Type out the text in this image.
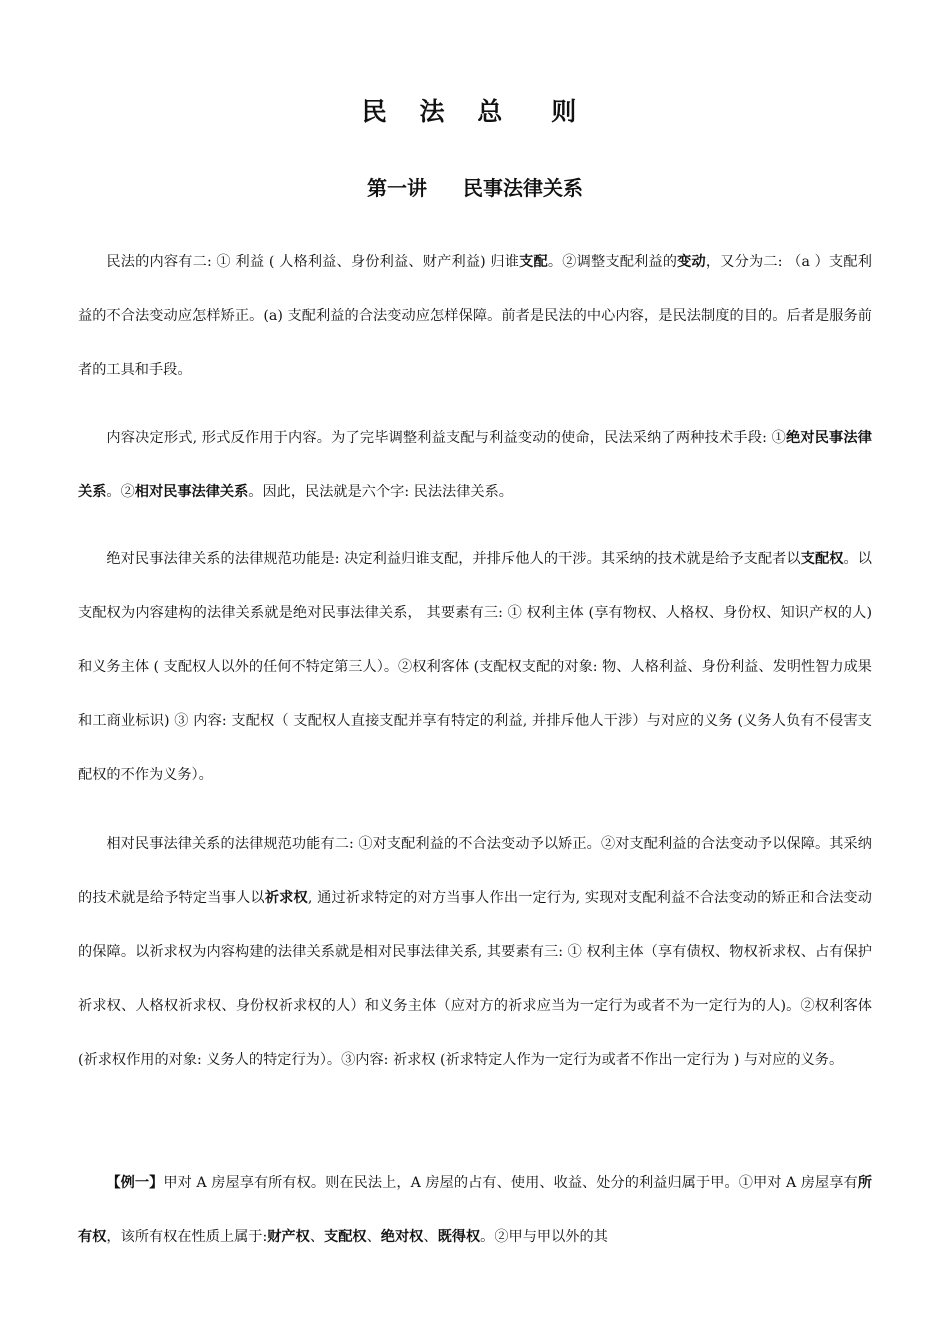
民 法 总　则
第一讲 民事法律关系

民法的内容有二: ① 利益 ( 人格利益、身份利益、财产利益) 归谁支配。②调整支配利益的变动，又分为二: （a ）支配利益的不合法变动应怎样矫正。(a) 支配利益的合法变动应怎样保障。前者是民法的中心内容，是民法制度的目的。后者是服务前者的工具和手段。

内容决定形式, 形式反作用于内容。为了完毕调整利益支配与利益变动的使命，民法采纳了两种技术手段: ①绝对民事法律关系。②相对民事法律关系。因此，民法就是六个字: 民法法律关系。

绝对民事法律关系的法律规范功能是: 决定利益归谁支配，并排斥他人的干涉。其采纳的技术就是给予支配者以支配权。以支配权为内容建构的法律关系就是绝对民事法律关系， 其要素有三: ① 权利主体 (享有物权、人格权、身份权、知识产权的人) 和义务主体 ( 支配权人以外的任何不特定第三人）。②权利客体 (支配权支配的对象: 物、人格利益、身份利益、发明性智力成果和工商业标识) ③ 内容: 支配权（ 支配权人直接支配并享有特定的利益, 并排斥他人干涉）与对应的义务 (义务人负有不侵害支配权的不作为义务）。

相对民事法律关系的法律规范功能有二: ①对支配利益的不合法变动予以矫正。②对支配利益的合法变动予以保障。其采纳的技术就是给予特定当事人以祈求权, 通过祈求特定的对方当事人作出一定行为, 实现对支配利益不合法变动的矫正和合法变动的保障。以祈求权为内容构建的法律关系就是相对民事法律关系, 其要素有三: ① 权利主体（享有债权、物权祈求权、占有保护祈求权、人格权祈求权、身份权祈求权的人）和义务主体（应对方的祈求应当为一定行为或者不为一定行为的人)。②权利客体 (祈求权作用的对象: 义务人的特定行为）。③内容: 祈求权 (祈求特定人作为一定行为或者不作出一定行为 ) 与对应的义务。

【例一】甲对 A 房屋享有所有权。则在民法上，A 房屋的占有、使用、收益、处分的利益归属于甲。①甲对 A 房屋享有所有权，该所有权在性质上属于:财产权、支配权、绝对权、既得权。②甲与甲以外的其
